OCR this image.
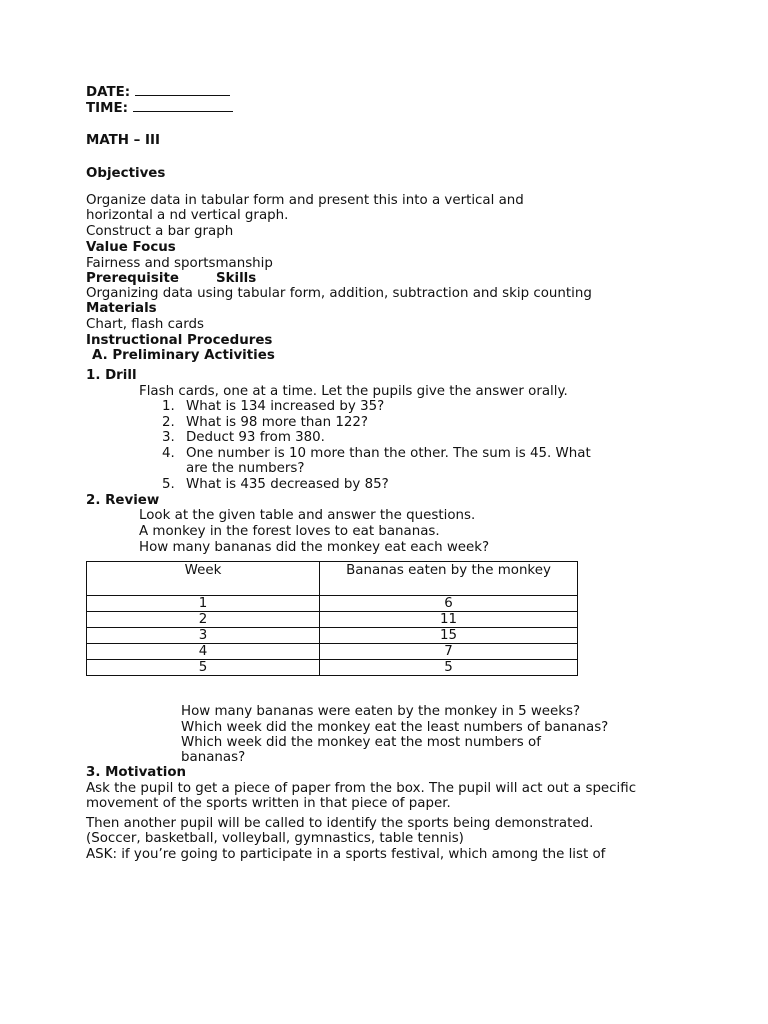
DATE:
TIME:
MATH – III
Objectives
Organize data in tabular form and present this into a vertical and
horizontal a nd vertical graph.
Construct a bar graph
Value Focus
Fairness and sportsmanship
Prerequisite	Skills
Organizing data using tabular form, addition, subtraction and skip counting
Materials
Chart, flash cards
Instructional Procedures
A. Preliminary Activities
1. Drill
Flash cards, one at a time. Let the pupils give the answer orally.
1. What is 134 increased by 35?
2. What is 98 more than 122?
3. Deduct 93 from 380.
4. One number is 10 more than the other. The sum is 45. What
are the numbers?
5. What is 435 decreased by 85?
2. Review
Look at the given table and answer the questions.
A monkey in the forest loves to eat bananas.
How many bananas did the monkey eat each week?
Week	Bananas eaten by the monkey
1	6
2	11
3	15
4	7
5	5
How many bananas were eaten by the monkey in 5 weeks?
Which week did the monkey eat the least numbers of bananas?
Which week did the monkey eat the most numbers of
bananas?
3. Motivation
Ask the pupil to get a piece of paper from the box. The pupil will act out a specific
movement of the sports written in that piece of paper.
Then another pupil will be called to identify the sports being demonstrated.
(Soccer, basketball, volleyball, gymnastics, table tennis)
ASK: if you’re going to participate in a sports festival, which among the list of
